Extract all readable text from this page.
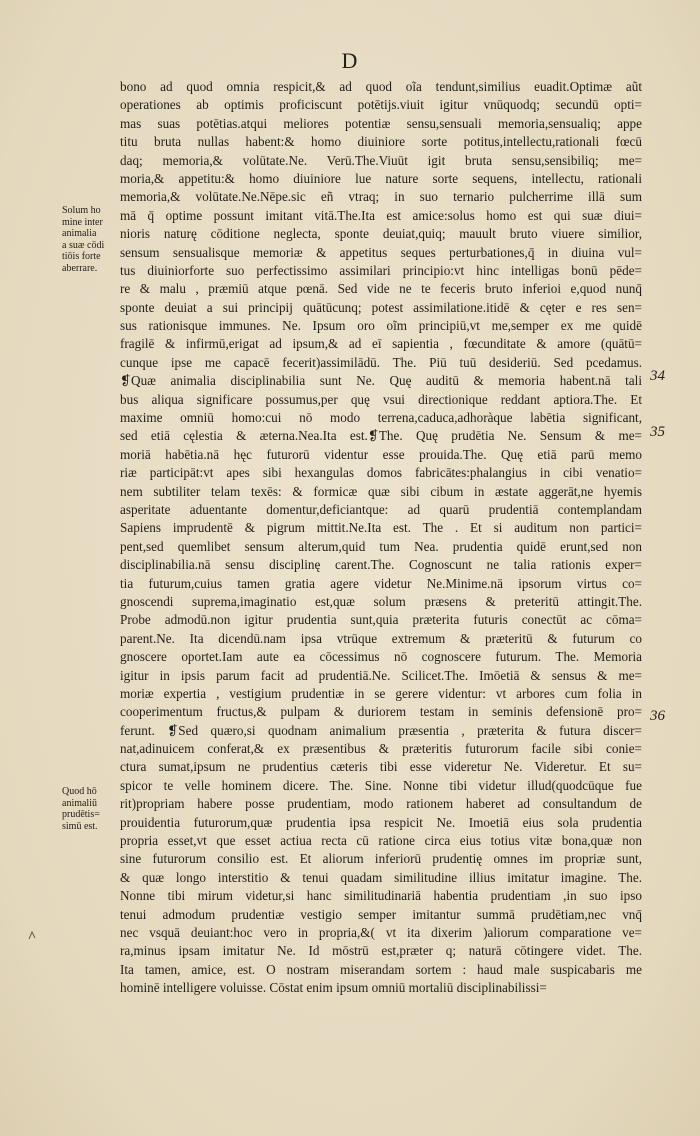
D
bono ad quod omnia respicit,& ad quod oĩa tendunt,similius euadit.Optimæ aũt
operationes ab optimis proficiscunt potētijs.viuit igitur vnūquodq; secundū opti=
mas suas potētias.atqui meliores potentiæ sensu,sensuali memoria,sensualiq; appe
titu bruta nullas habent:& homo diuiniore sorte potitus,intellectu,rationali fœcū
daq; memoria,& volūtate.Ne. Verū.The.Viuūt igit bruta sensu,sensibiliq; me=
moria,& appetitu:& homo diuiniore lue nature sorte sequens, intellectu, rationali
memoria,& volūtate.Ne.Nēpe.sic eñ vtraq; in suo ternario pulcherrime illā sum
mā q̄ optime possunt imitant vitā.The.Ita est amice:solus homo est qui suæ diui=
nioris naturę cōditione neglecta, sponte deuiat,quiq; mauult bruto viuere similior,
sensum sensualisque memoriæ & appetitus seques perturbationes,q̄ in diuina vul=
tus diuiniorforte suo perfectissimo assimilari principio:vt hinc intelligas bonū pēde=
re & malu , præmiū atque pœnā. Sed vide ne te feceris bruto inferioi e,quod nunq̄
sponte deuiat a sui principij quātūcunq; potest assimilatione.itidē & cęter e res sen=
sus rationisque immunes. Ne. Ipsum oro oĩm principiū,vt me,semper ex me quidē
fragilē & infirmū,erigat ad ipsum,& ad eī sapientia , fœcunditate & amore (quātū=
cunque ipse me capacē fecerit)assimilādū. The. Piū tuū desideriū. Sed pcedamus.
❡Quæ animalia disciplinabilia sunt Ne. Quę auditū & memoria habent.nā tali
bus aliqua significare possumus,per quę vsui directionique reddant aptiora.The. Et
maxime omniū homo:cui nō modo terrena,caduca,adhoràque labētia significant,
sed etiā cęlestia & æterna.Nea.Ita est.❡The. Quę prudētia Ne. Sensum & me=
moriā habētia.nā hęc futurorū videntur esse prouida.The. Quę etiā parū memo
riæ participāt:vt apes sibi hexangulas domos fabricātes:phalangius in cibi venatio=
nem subtiliter telam texēs: & formicæ quæ sibi cibum in æstate aggerāt,ne hyemis
asperitate aduentante domentur,deficiantque: ad quarū prudentiā contemplandam
Sapiens imprudentē & pigrum mittit.Ne.Ita est. The . Et si auditum non partici=
pent,sed quemlibet sensum alterum,quid tum Nea. prudentia quidē erunt,sed non
disciplinabilia.nā sensu disciplinę carent.The. Cognoscunt ne talia rationis exper=
tia futurum,cuius tamen gratia agere videtur Ne.Minime.nā ipsorum virtus co=
gnoscendi suprema,imaginatio est,quæ solum præsens & preteritū attingit.The.
Probe admodū.non igitur prudentia sunt,quia præterita futuris conectūt ac cōma=
parent.Ne. Ita dicendū.nam ipsa vtrūque extremum & præteritū & futurum co
gnoscere oportet.Iam aute ea cōcessimus nō cognoscere futurum. The. Memoria
igitur in ipsis parum facit ad prudentiā.Ne. Scilicet.The. Imōetiā & sensus & me=
moriæ expertia , vestigium prudentiæ in se gerere videntur: vt arbores cum folia in
cooperimentum fructus,& pulpam & duriorem testam in seminis defensionē pro=
ferunt. ❡Sed quæro,si quodnam animalium præsentia , præterita & futura discer=
nat,adinuicem conferat,& ex præsentibus & præteritis futurorum facile sibi conie=
ctura sumat,ipsum ne prudentius cæteris tibi esse videretur Ne. Videretur. Et su=
spicor te velle hominem dicere. The. Sine. Nonne tibi videtur illud(quodcūque fue
rit)propriam habere posse prudentiam, modo rationem haberet ad consultandum de
prouidentia futurorum,quæ prudentia ipsa respicit Ne. Imoetiā eius sola prudentia
propria esset,vt que esset actiua recta cū ratione circa eius totius vitæ bona,quæ non
sine futurorum consilio est. Et aliorum inferiorū prudentię omnes im propriæ sunt,
& quæ longo interstitio & tenui quadam similitudine illius imitatur imagine. The.
Nonne tibi mirum videtur,si hanc similitudinariā habentia prudentiam ,in suo ipso
tenui admodum prudentiæ vestigio semper imitantur summā prudētiam,nec vnq̄
nec vsquā deuiant:hoc vero in propria,&( vt ita dixerim )aliorum comparatione ve=
ra,minus ipsam imitatur Ne. Id mōstrū est,præter q; naturā cōtingere videt. The.
Ita tamen, amice, est. O nostram miserandam sortem : haud male suspicabaris me
hominē intelligere voluisse. Cōstat enim ipsum omniū mortaliū disciplinabilissi=
Solum ho
mine inter
animalia
a suæ cōdi
tiōis forte
aberrare.
Quod hō
animaliū
prudētis=
simū est.
34
35
36
